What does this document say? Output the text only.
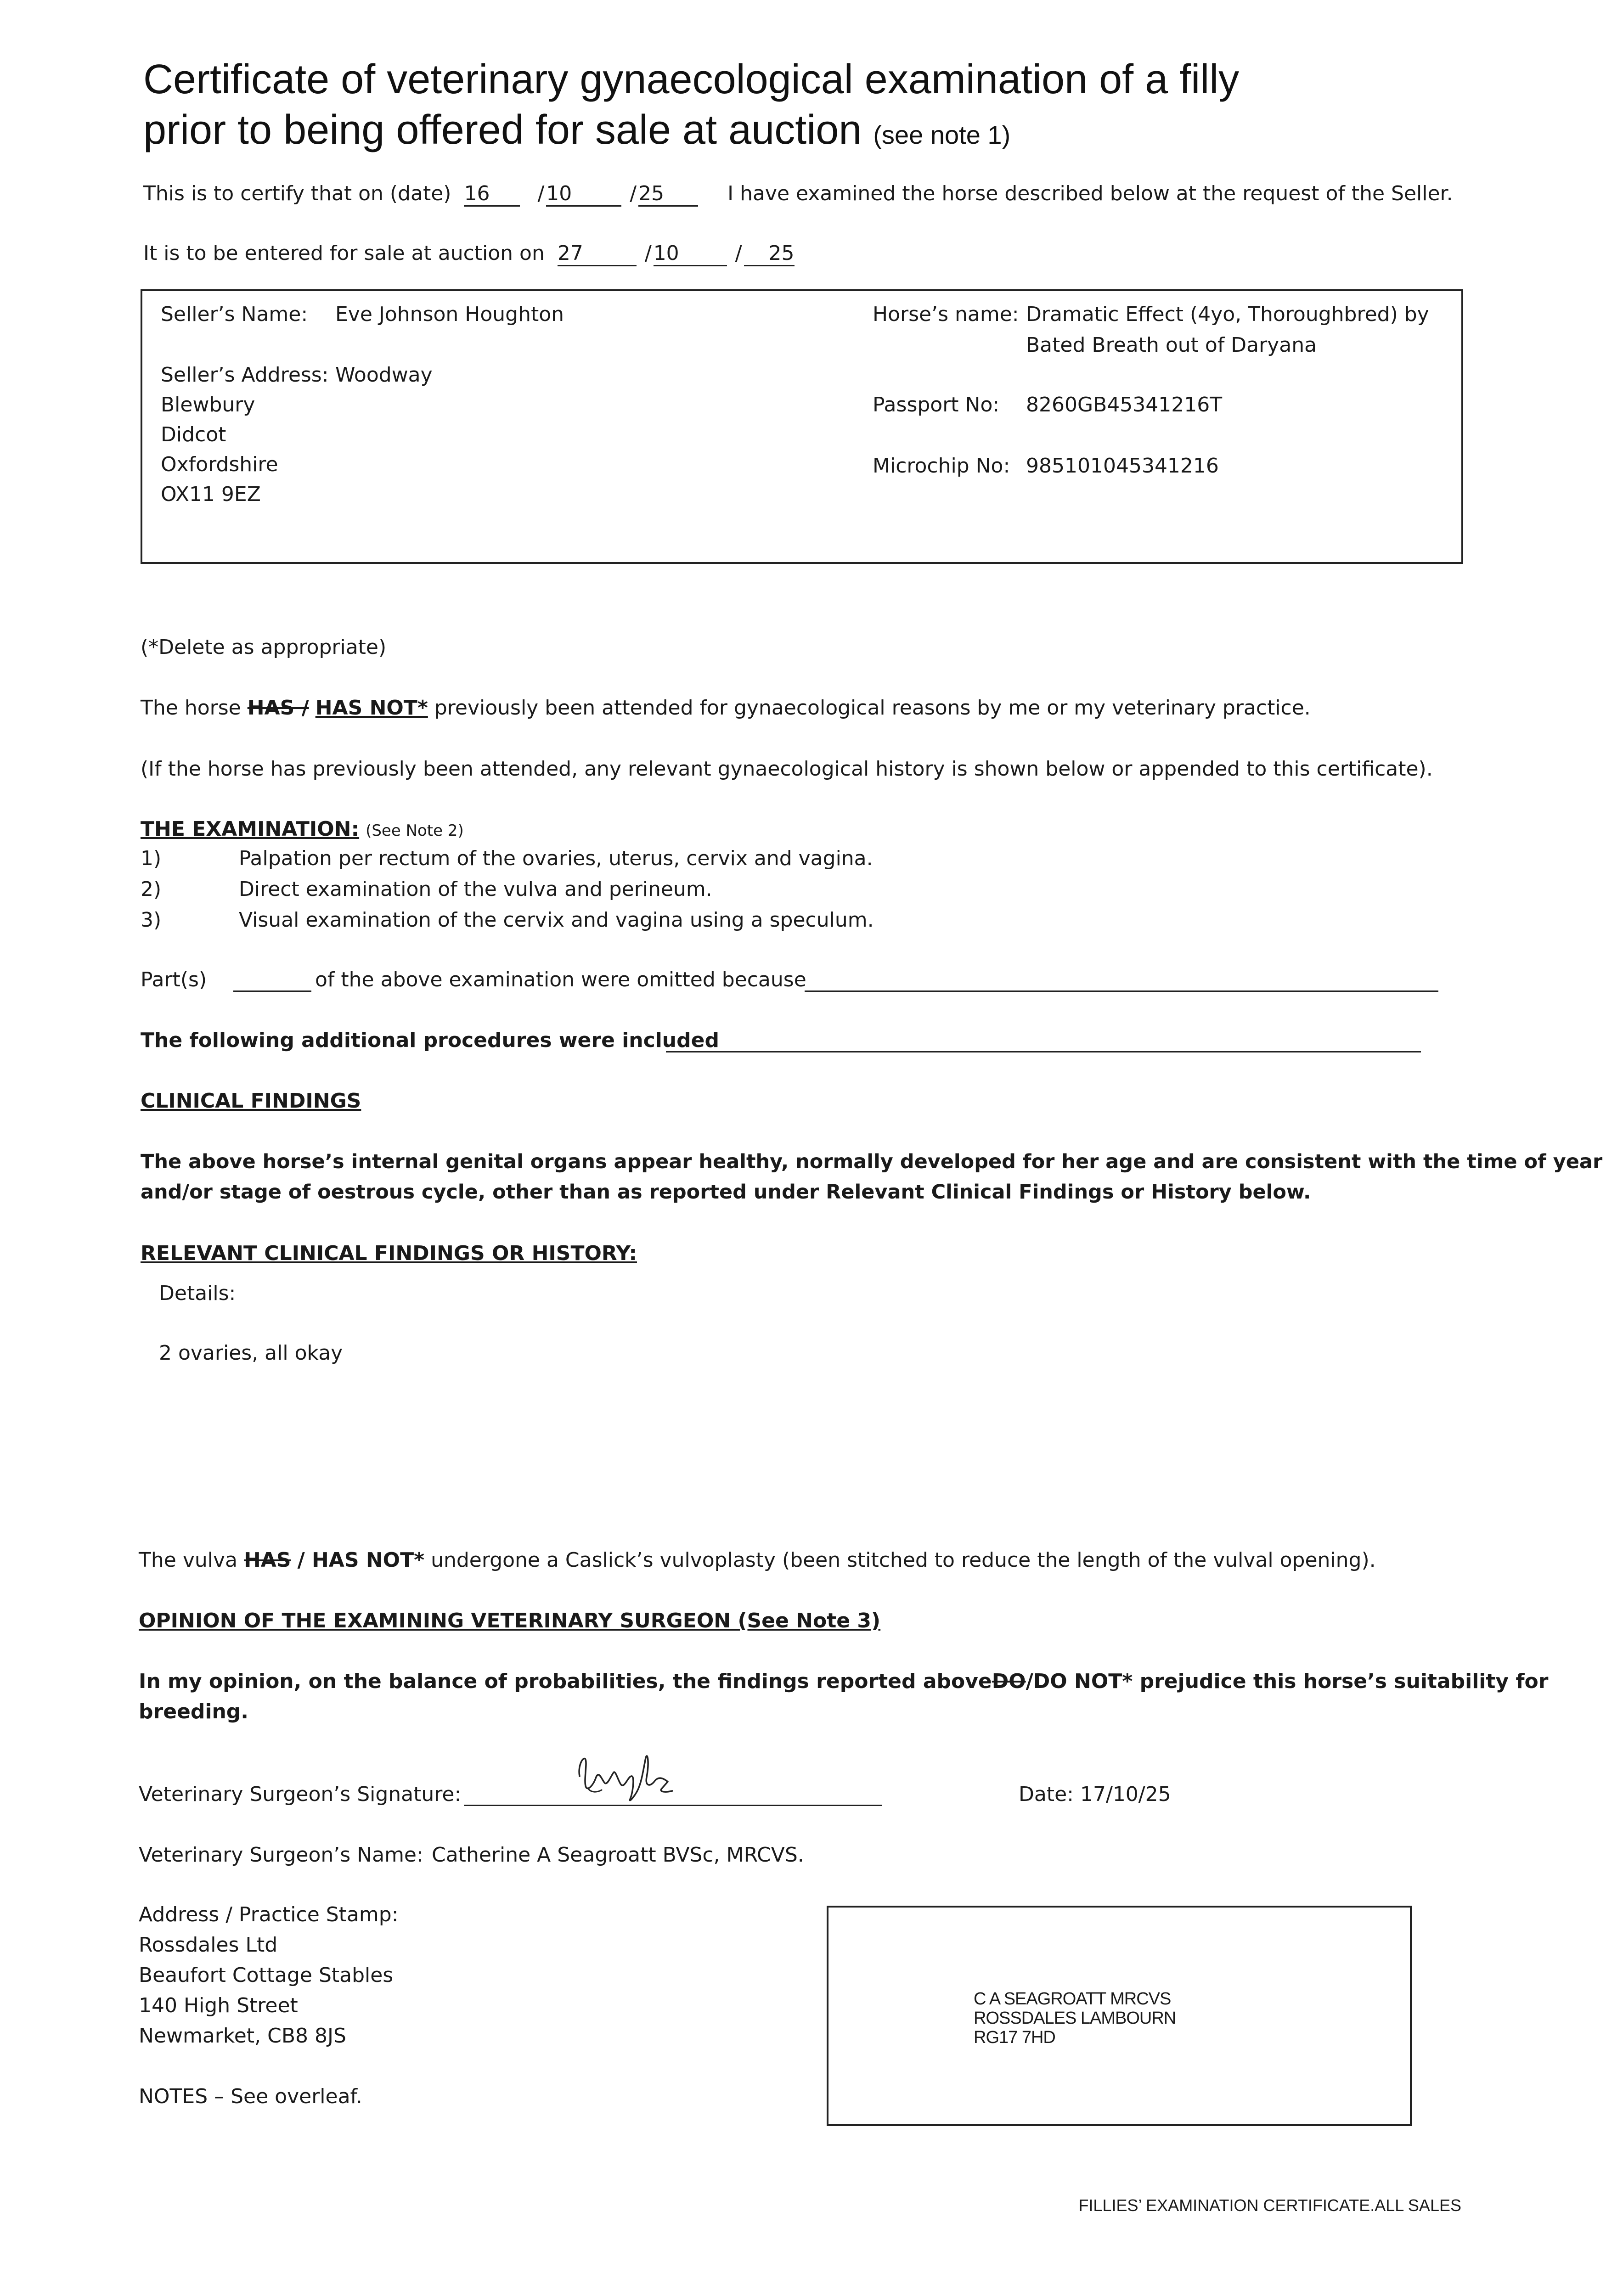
Certificate of veterinary gynaecological examination of a filly
prior to being offered for sale at auction (see note 1)
This is to certify that on (date) 16 /10	/25	I have examined the horse described below at the request of the Seller.
It is to be entered for sale at auction on 27	/10	/ 25
Seller’s Name: Eve Johnson Houghton
Seller’s Address: Woodway
Blewbury
Didcot
Oxfordshire
OX11 9EZ
Horse’s name: Dramatic Effect (4yo, Thoroughbred) by
Bated Breath out of Daryana
Passport No: 8260GB45341216T
Microchip No: 985101045341216
(*Delete as appropriate)
The horse HAS / HAS NOT* previously been attended for gynaecological reasons by me or my veterinary practice.
(If the horse has previously been attended, any relevant gynaecological history is shown below or appended to this certificate).
THE EXAMINATION: (See Note 2)
1)	Palpation per rectum of the ovaries, uterus, cervix and vagina.
2)	Direct examination of the vulva and perineum.
3)	Visual examination of the cervix and vagina using a speculum.
Part(s)	of the above examination were omitted because
The following additional procedures were included
CLINICAL FINDINGS
The above horse’s internal genital organs appear healthy, normally developed for her age and are consistent with the time of year
and/or stage of oestrous cycle, other than as reported under Relevant Clinical Findings or History below.
RELEVANT CLINICAL FINDINGS OR HISTORY:
Details:
2 ovaries, all okay
The vulva HAS / HAS NOT* undergone a Caslick’s vulvoplasty (been stitched to reduce the length of the vulval opening).
OPINION OF THE EXAMINING VETERINARY SURGEON (See Note 3)
In my opinion, on the balance of probabilities, the findings reported aboveDO/DO NOT* prejudice this horse’s suitability for
breeding.
Veterinary Surgeon’s Signature:	Date: 17/10/25
Veterinary Surgeon’s Name: Catherine A Seagroatt BVSc, MRCVS.
Address / Practice Stamp:
Rossdales Ltd
Beaufort Cottage Stables
140 High Street
Newmarket, CB8 8JS
C A SEAGROATT MRCVS
ROSSDALES LAMBOURN
RG17 7HD
NOTES – See overleaf.
FILLIES’ EXAMINATION CERTIFICATE.ALL SALES
